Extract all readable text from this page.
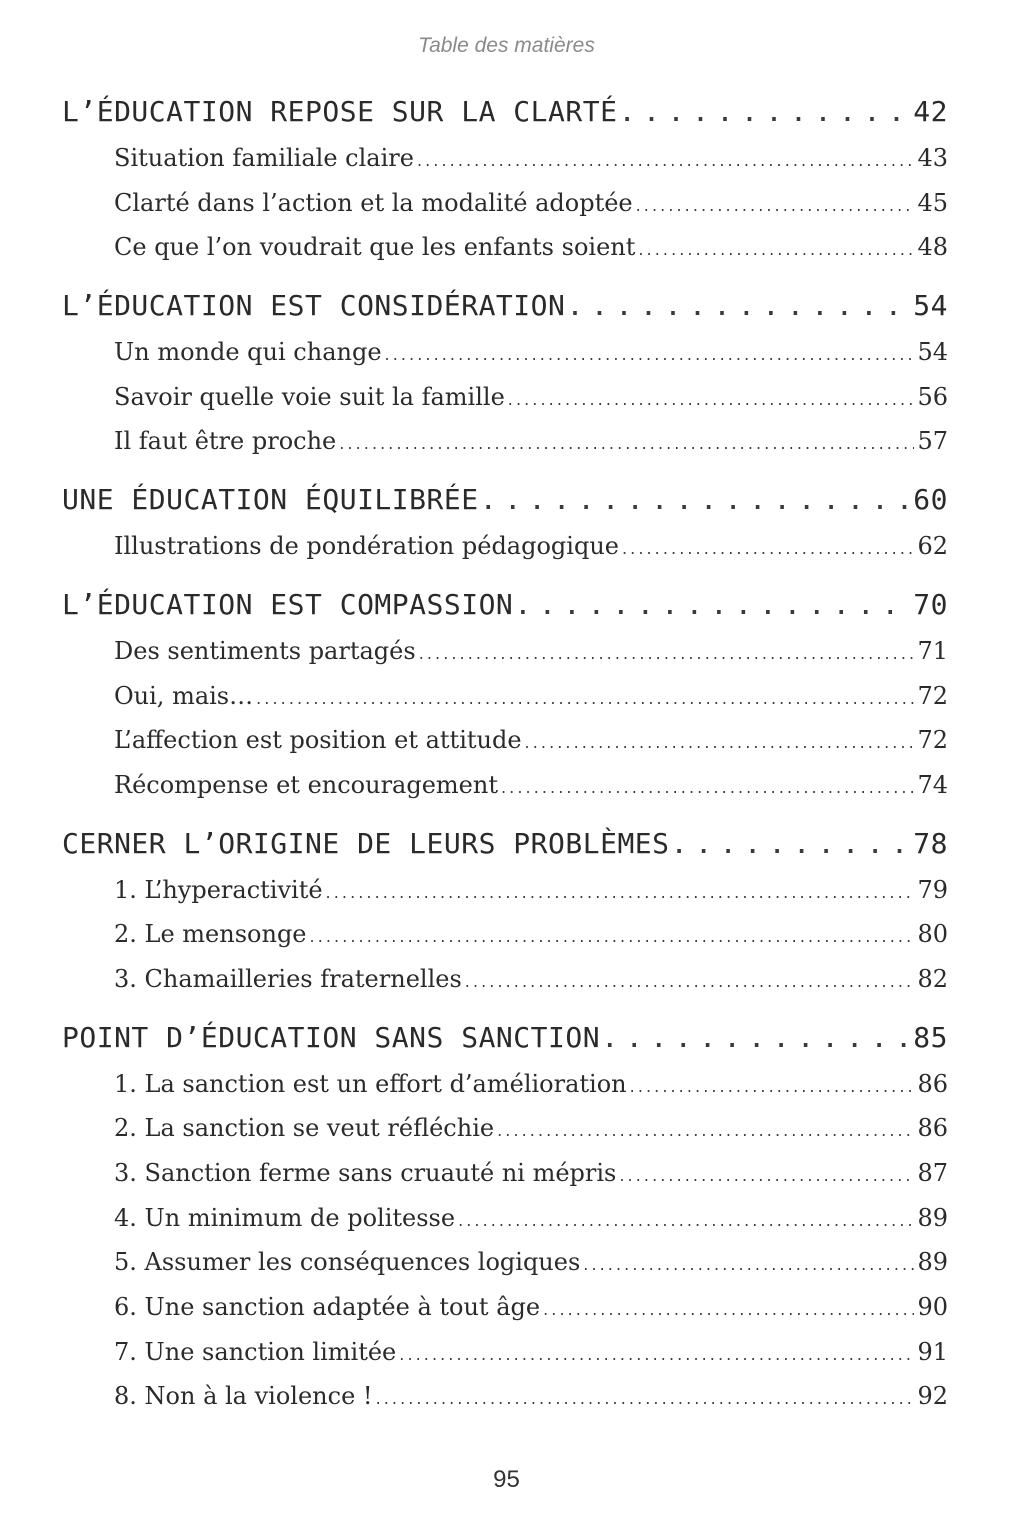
Table des matières
L’ÉDUCATION REPOSE SUR LA CLARTÉ . . .	42
Situation familiale claire . . .	43
Clarté dans l’action et la modalité adoptée . . .	45
Ce que l’on voudrait que les enfants soient . . .	48
L’ÉDUCATION EST CONSIDÉRATION . . .	54
Un monde qui change . . .	54
Savoir quelle voie suit la famille . . .	56
Il faut être proche . . .	57
UNE ÉDUCATION ÉQUILIBRÉE . . .	60
Illustrations de pondération pédagogique . . .	62
L’ÉDUCATION EST COMPASSION . . .	70
Des sentiments partagés . . .	71
Oui, mais… . . .	72
L’affection est position et attitude . . .	72
Récompense et encouragement . . .	74
CERNER L’ORIGINE DE LEURS PROBLÈMES . . .	78
1. L’hyperactivité . . .	79
2. Le mensonge . . .	80
3. Chamailleries fraternelles . . .	82
POINT D’ÉDUCATION SANS SANCTION . . .	85
1. La sanction est un effort d’amélioration . . .	86
2. La sanction se veut réfléchie . . .	86
3. Sanction ferme sans cruauté ni mépris . . .	87
4. Un minimum de politesse . . .	89
5. Assumer les conséquences logiques . . .	89
6. Une sanction adaptée à tout âge . . .	90
7. Une sanction limitée . . .	91
8. Non à la violence ! . . .	92
95
